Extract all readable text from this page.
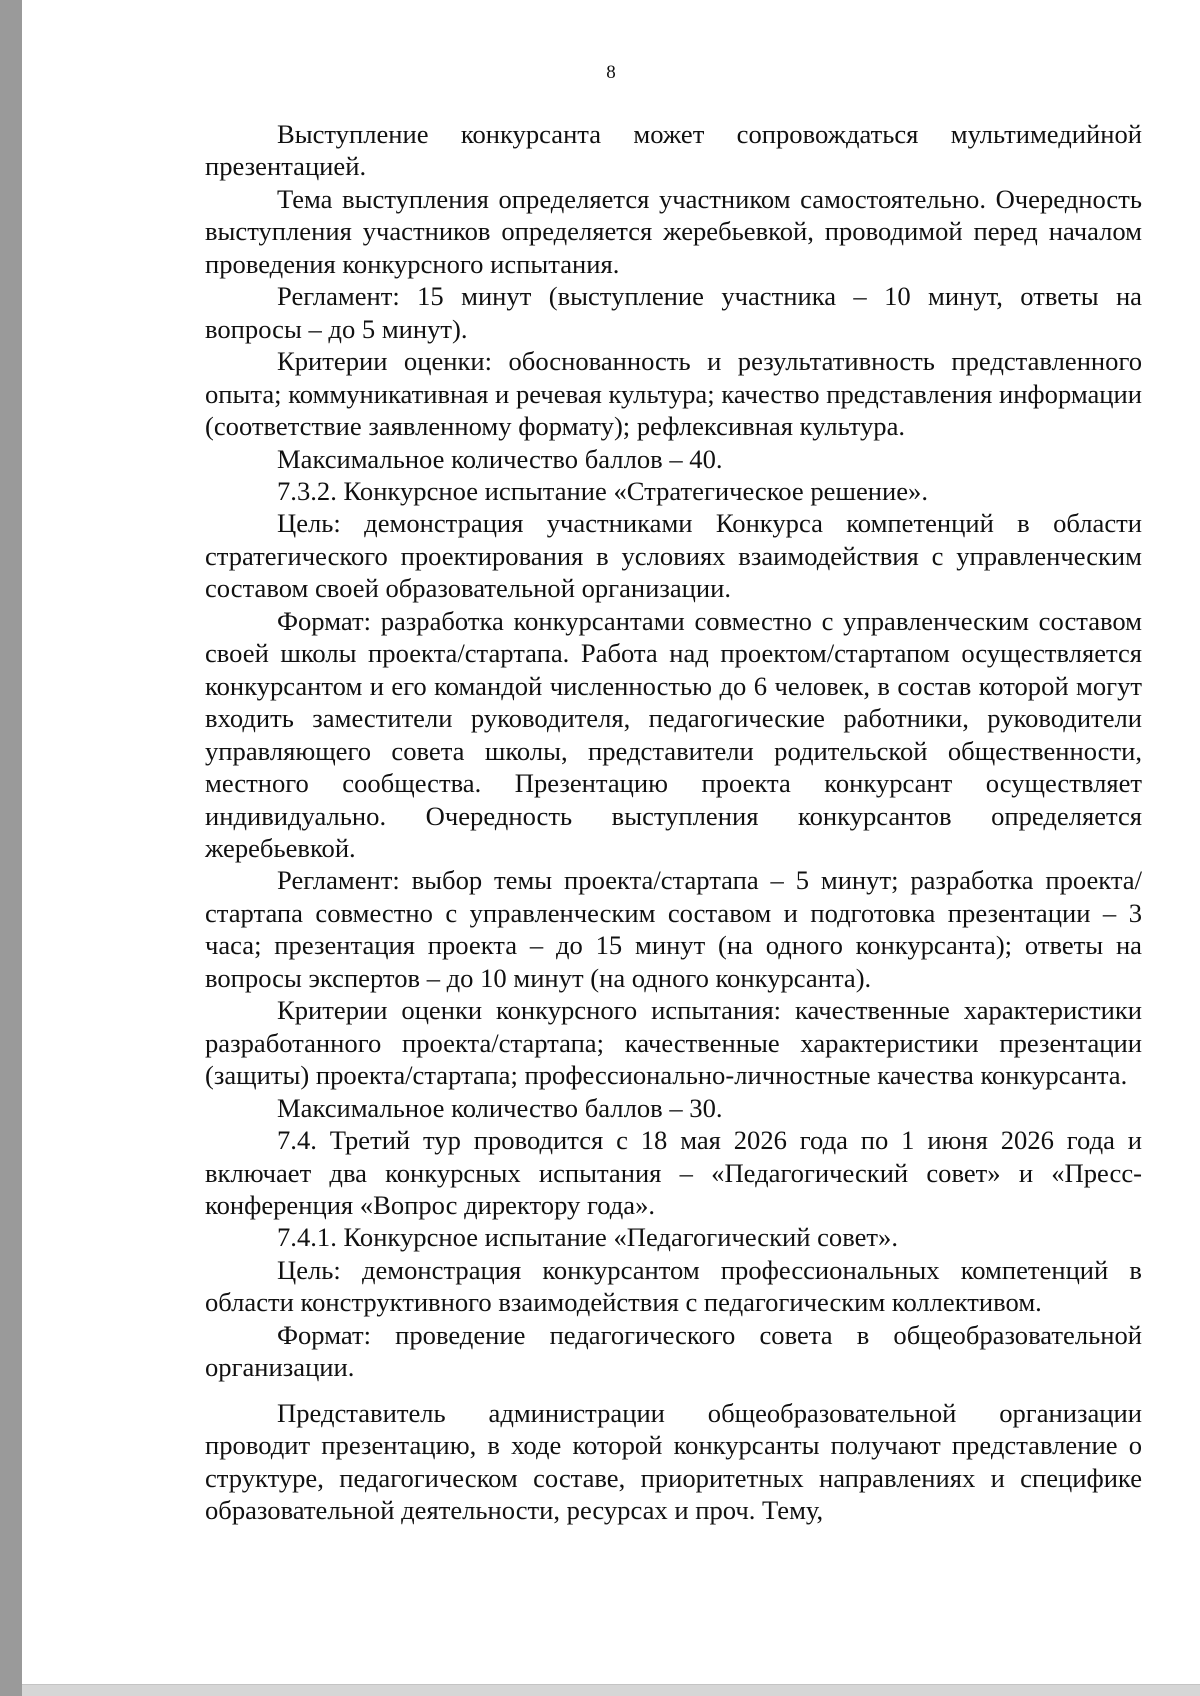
8

Выступление конкурсанта может сопровождаться мультимедийной презентацией.

Тема выступления определяется участником самостоятельно. Очередность выступления участников определяется жеребьевкой, проводимой перед началом проведения конкурсного испытания.

Регламент: 15 минут (выступление участника – 10 минут, ответы на вопросы – до 5 минут).

Критерии оценки: обоснованность и результативность представленного опыта; коммуникативная и речевая культура; качество представления информации (соответствие заявленному формату); рефлексивная культура.

Максимальное количество баллов – 40.

7.3.2. Конкурсное испытание «Стратегическое решение».

Цель: демонстрация участниками Конкурса компетенций в области стратегического проектирования в условиях взаимодействия с управленческим составом своей образовательной организации.

Формат: разработка конкурсантами совместно с управленческим составом своей школы проекта/стартапа. Работа над проектом/стартапом осуществляется конкурсантом и его командой численностью до 6 человек, в состав которой могут входить заместители руководителя, педагогические работники, руководители управляющего совета школы, представители родительской общественности, местного сообщества. Презентацию проекта конкурсант осуществляет индивидуально. Очередность выступления конкурсантов определяется жеребьевкой.

Регламент: выбор темы проекта/стартапа – 5 минут; разработка проекта/стартапа совместно с управленческим составом и подготовка презентации – 3 часа; презентация проекта – до 15 минут (на одного конкурсанта); ответы на вопросы экспертов – до 10 минут (на одного конкурсанта).

Критерии оценки конкурсного испытания: качественные характеристики разработанного проекта/стартапа; качественные характеристики презентации (защиты) проекта/стартапа; профессионально-личностные качества конкурсанта.

Максимальное количество баллов – 30.

7.4. Третий тур проводится с 18 мая 2026 года по 1 июня 2026 года и включает два конкурсных испытания – «Педагогический совет» и «Пресс-конференция «Вопрос директору года».

7.4.1. Конкурсное испытание «Педагогический совет».

Цель: демонстрация конкурсантом профессиональных компетенций в области конструктивного взаимодействия с педагогическим коллективом.

Формат: проведение педагогического совета в общеобразовательной организации.

Представитель администрации общеобразовательной организации проводит презентацию, в ходе которой конкурсанты получают представление о структуре, педагогическом составе, приоритетных направлениях и специфике образовательной деятельности, ресурсах и проч. Тему,
